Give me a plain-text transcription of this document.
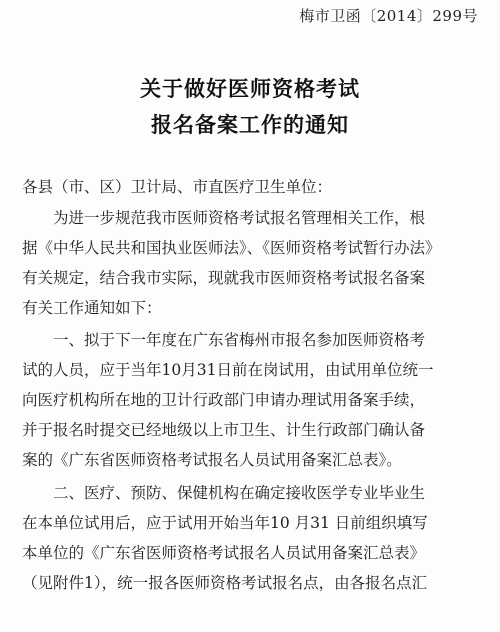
梅市卫函〔2014〕299号
关于做好医师资格考试
报名备案工作的通知
各县（市、区）卫计局、市直医疗卫生单位：
为进一步规范我市医师资格考试报名管理相关工作，根
据《中华人民共和国执业医师法》、《医师资格考试暂行办法》
有关规定，结合我市实际，现就我市医师资格考试报名备案
有关工作通知如下：
一、拟于下一年度在广东省梅州市报名参加医师资格考
试的人员，应于当年10月31日前在岗试用，由试用单位统一
向医疗机构所在地的卫计行政部门申请办理试用备案手续，
并于报名时提交已经地级以上市卫生、计生行政部门确认备
案的《广东省医师资格考试报名人员试用备案汇总表》。
二、医疗、预防、保健机构在确定接收医学专业毕业生
在本单位试用后，应于试用开始当年10 月31 日前组织填写
本单位的《广东省医师资格考试报名人员试用备案汇总表》
（见附件1），统一报各医师资格考试报名点，由各报名点汇
